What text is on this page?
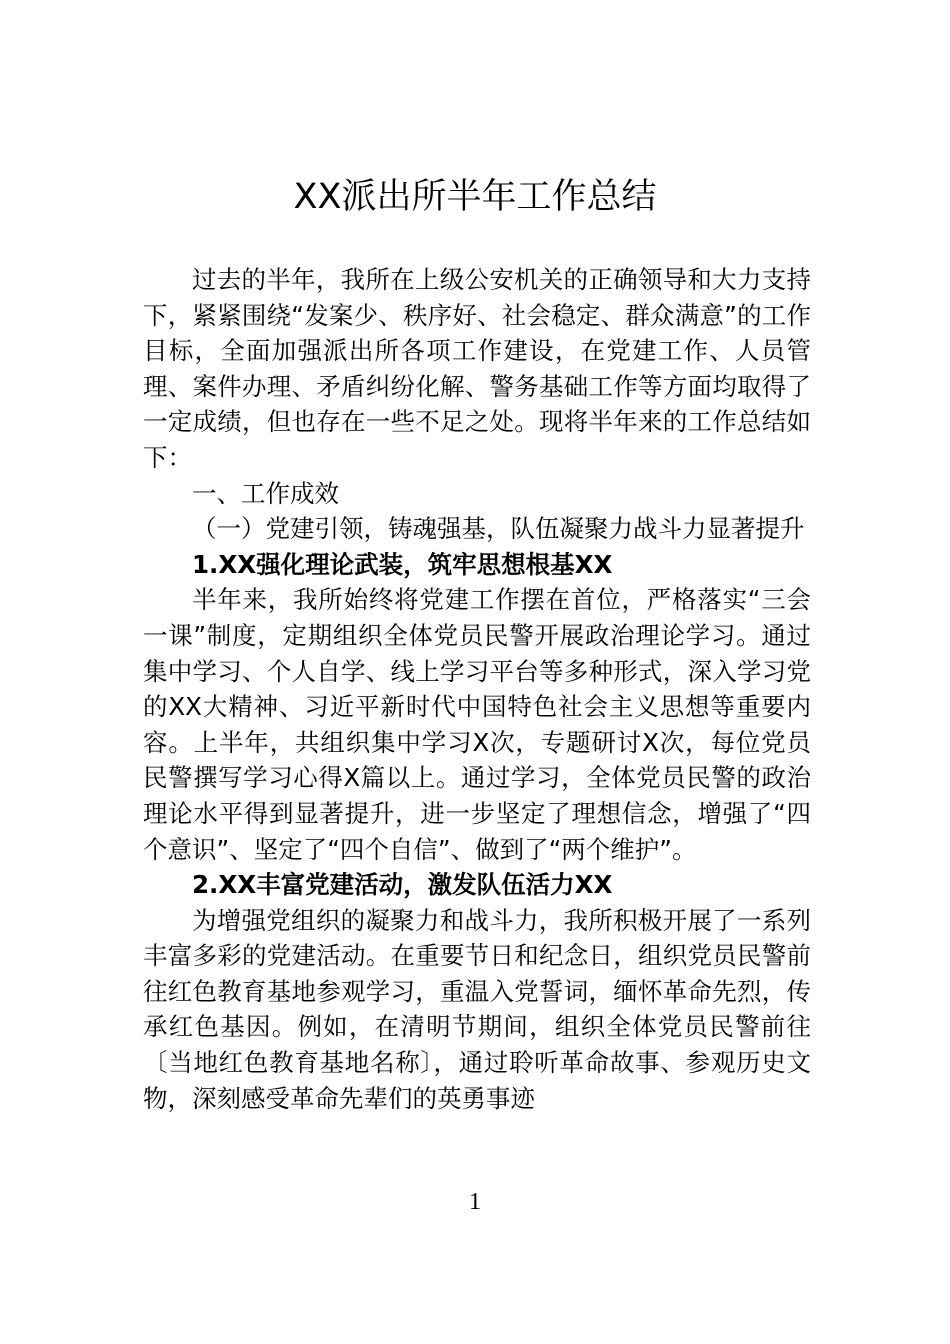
XX派出所半年工作总结

过去的半年，我所在上级公安机关的正确领导和大力支持下，紧紧围绕“发案少、秩序好、社会稳定、群众满意”的工作目标，全面加强派出所各项工作建设，在党建工作、人员管理、案件办理、矛盾纠纷化解、警务基础工作等方面均取得了一定成绩，但也存在一些不足之处。现将半年来的工作总结如下：

一、工作成效

（一）党建引领，铸魂强基，队伍凝聚力战斗力显著提升

1.XX强化理论武装，筑牢思想根基XX

半年来，我所始终将党建工作摆在首位，严格落实“三会一课”制度，定期组织全体党员民警开展政治理论学习。通过集中学习、个人自学、线上学习平台等多种形式，深入学习党的XX大精神、习近平新时代中国特色社会主义思想等重要内容。上半年，共组织集中学习X次，专题研讨X次，每位党员民警撰写学习心得X篇以上。通过学习，全体党员民警的政治理论水平得到显著提升，进一步坚定了理想信念，增强了“四个意识”、坚定了“四个自信”、做到了“两个维护”。

2.XX丰富党建活动，激发队伍活力XX

为增强党组织的凝聚力和战斗力，我所积极开展了一系列丰富多彩的党建活动。在重要节日和纪念日，组织党员民警前往红色教育基地参观学习，重温入党誓词，缅怀革命先烈，传承红色基因。例如，在清明节期间，组织全体党员民警前往〔当地红色教育基地名称〕，通过聆听革命故事、参观历史文物，深刻感受革命先辈们的英勇事迹

1
